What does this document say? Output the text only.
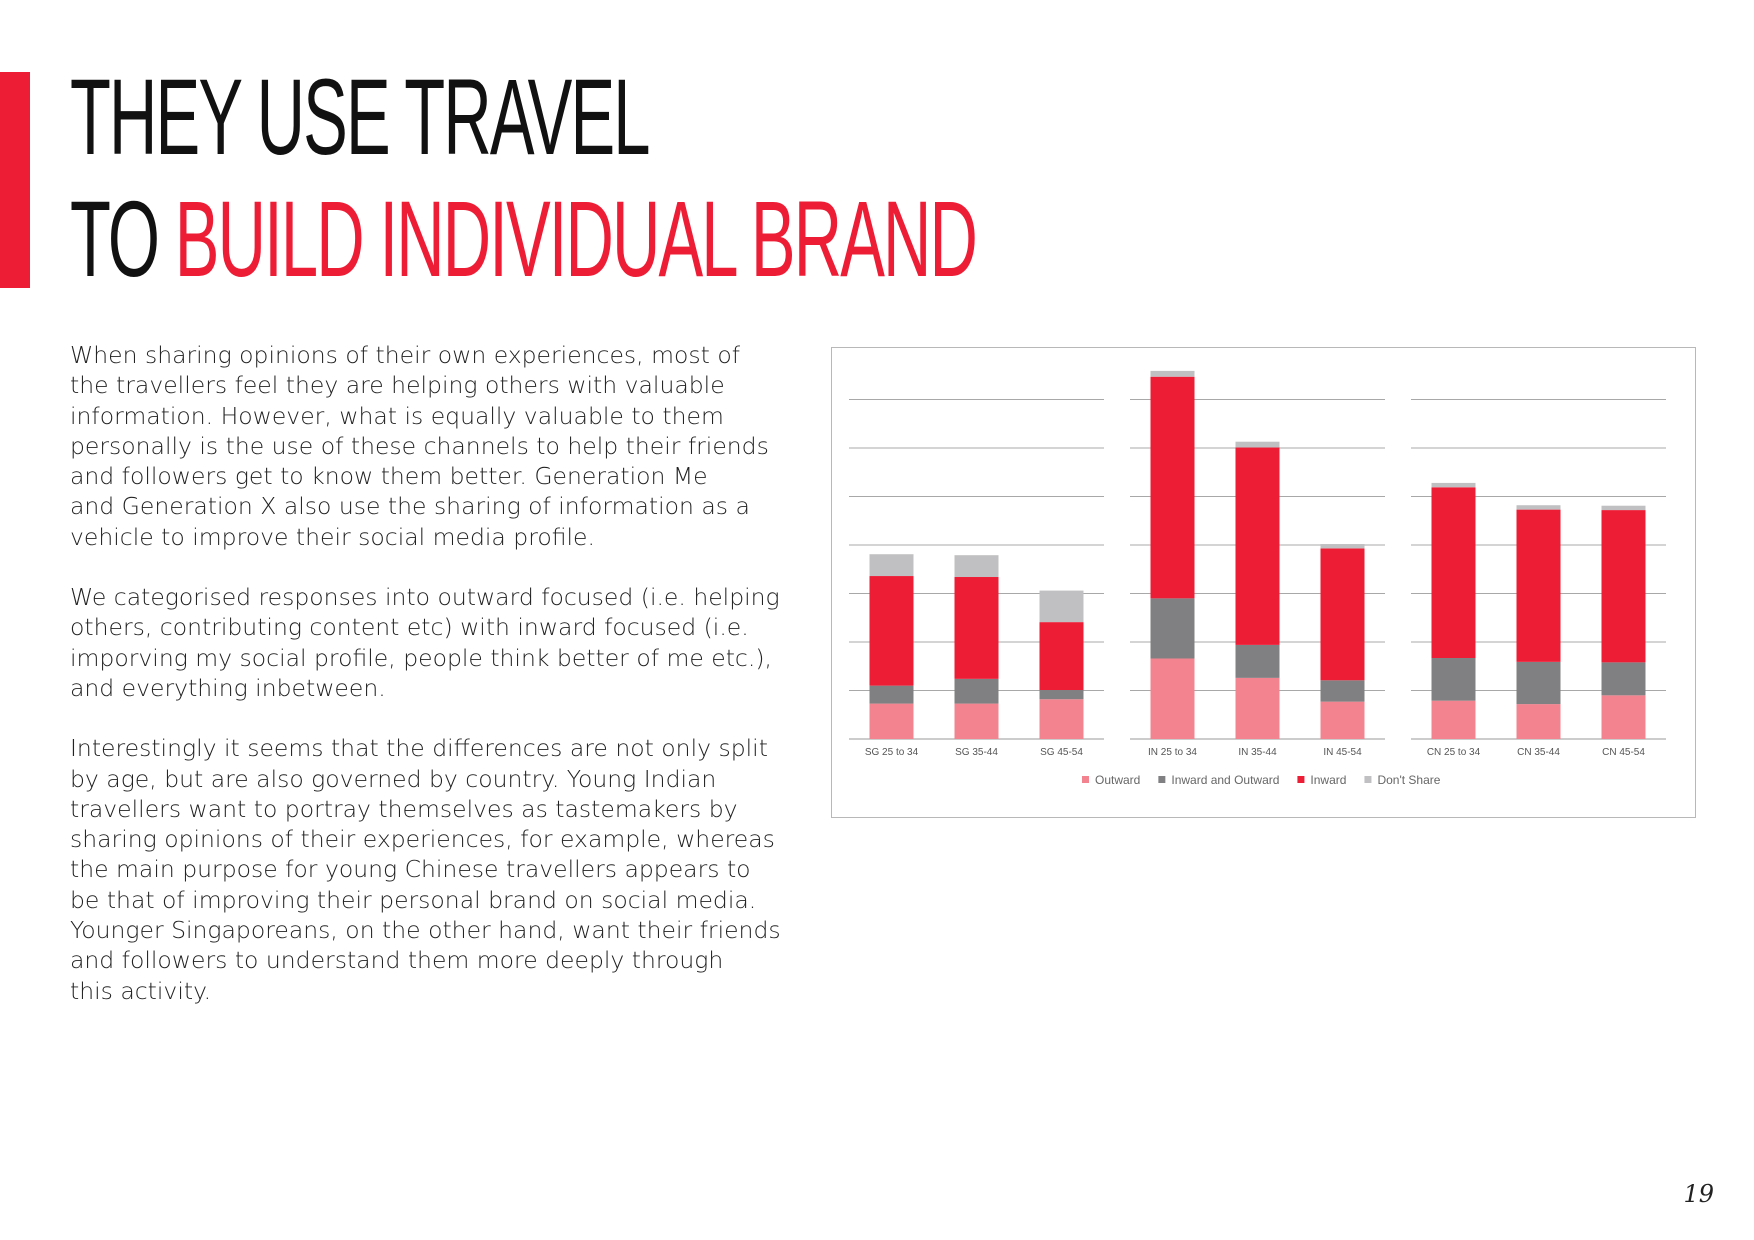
THEY USE TRAVEL
TO BUILD INDIVIDUAL BRAND

When sharing opinions of their own experiences, most of
the travellers feel they are helping others with valuable
information. However, what is equally valuable to them
personally is the use of these channels to help their friends
and followers get to know them better. Generation Me
and Generation X also use the sharing of information as a
vehicle to improve their social media profile.

We categorised responses into outward focused (i.e. helping
others, contributing content etc) with inward focused (i.e.
imporving my social profile, people think better of me etc.),
and everything inbetween.

Interestingly it seems that the differences are not only split
by age, but are also governed by country. Young Indian
travellers want to portray themselves as tastemakers by
sharing opinions of their experiences, for example, whereas
the main purpose for young Chinese travellers appears to
be that of improving their personal brand on social media.
Younger Singaporeans, on the other hand, want their friends
and followers to understand them more deeply through
this activity.

SG 25 to 34	SG 35-44	SG 45-54	IN 25 to 34	IN 35-44	IN 45-54	CN 25 to 34	CN 35-44	CN 45-54
Outward	Inward and Outward	Inward	Don't Share
19
